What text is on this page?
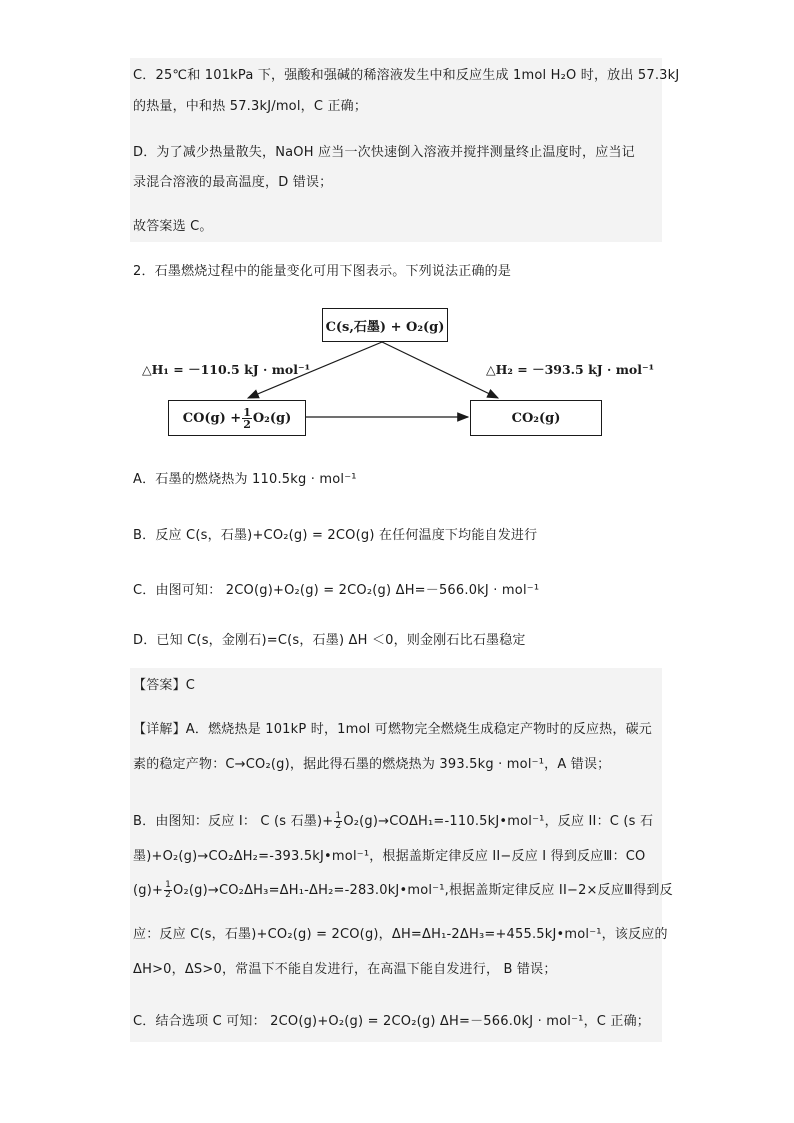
C．25℃和 101kPa 下，强酸和强碱的稀溶液发生中和反应生成 1mol H₂O 时，放出 57.3kJ
的热量，中和热 57.3kJ/mol，C 正确；
D．为了减少热量散失，NaOH 应当一次快速倒入溶液并搅拌测量终止温度时，应当记
录混合溶液的最高温度，D 错误；
故答案选 C。
2．石墨燃烧过程中的能量变化可用下图表示。下列说法正确的是
C(s,石墨) + O₂(g)
$CO(g) + \frac{1}{2} O_2(g)$	CO₂(g)
△H₁ = －110.5 kJ · mol⁻¹	△H₂ = －393.5 kJ · mol⁻¹
A．石墨的燃烧热为 110.5kg · mol⁻¹
B．反应 C(s，石墨)+CO₂(g) = 2CO(g) 在任何温度下均能自发进行
C．由图可知： 2CO(g)+O₂(g) = 2CO₂(g) ΔH=－566.0kJ · mol⁻¹
D．已知 C(s，金刚石)=C(s，石墨) ΔH ＜0，则金刚石比石墨稳定
【答案】C
【详解】A．燃烧热是 101kP 时，1mol 可燃物完全燃烧生成稳定产物时的反应热，碳元
素的稳定产物：C→CO₂(g)，据此得石墨的燃烧热为 393.5kg · mol⁻¹，A 错误；
B．由图知：反应 I： C (s 石墨)+ $\frac{1}{2}$ O₂(g)→COΔH₁=-110.5kJ•mol⁻¹，反应 II：C (s 石
墨)+O₂(g)→CO₂ΔH₂=-393.5kJ•mol⁻¹，根据盖斯定律反应 II−反应 I 得到反应Ⅲ：CO
$(g)+ \frac{1}{2}$ O₂(g)→CO₂ΔH₃=ΔH₁-ΔH₂=-283.0kJ•mol⁻¹,根据盖斯定律反应 II−2×反应Ⅲ得到反
应：反应 C(s，石墨)+CO₂(g) = 2CO(g)，ΔH=ΔH₁-2ΔH₃=+455.5kJ•mol⁻¹，该反应的
ΔH>0，ΔS>0，常温下不能自发进行，在高温下能自发进行， B 错误；
C．结合选项 C 可知： 2CO(g)+O₂(g) = 2CO₂(g) ΔH=－566.0kJ · mol⁻¹，C 正确；
